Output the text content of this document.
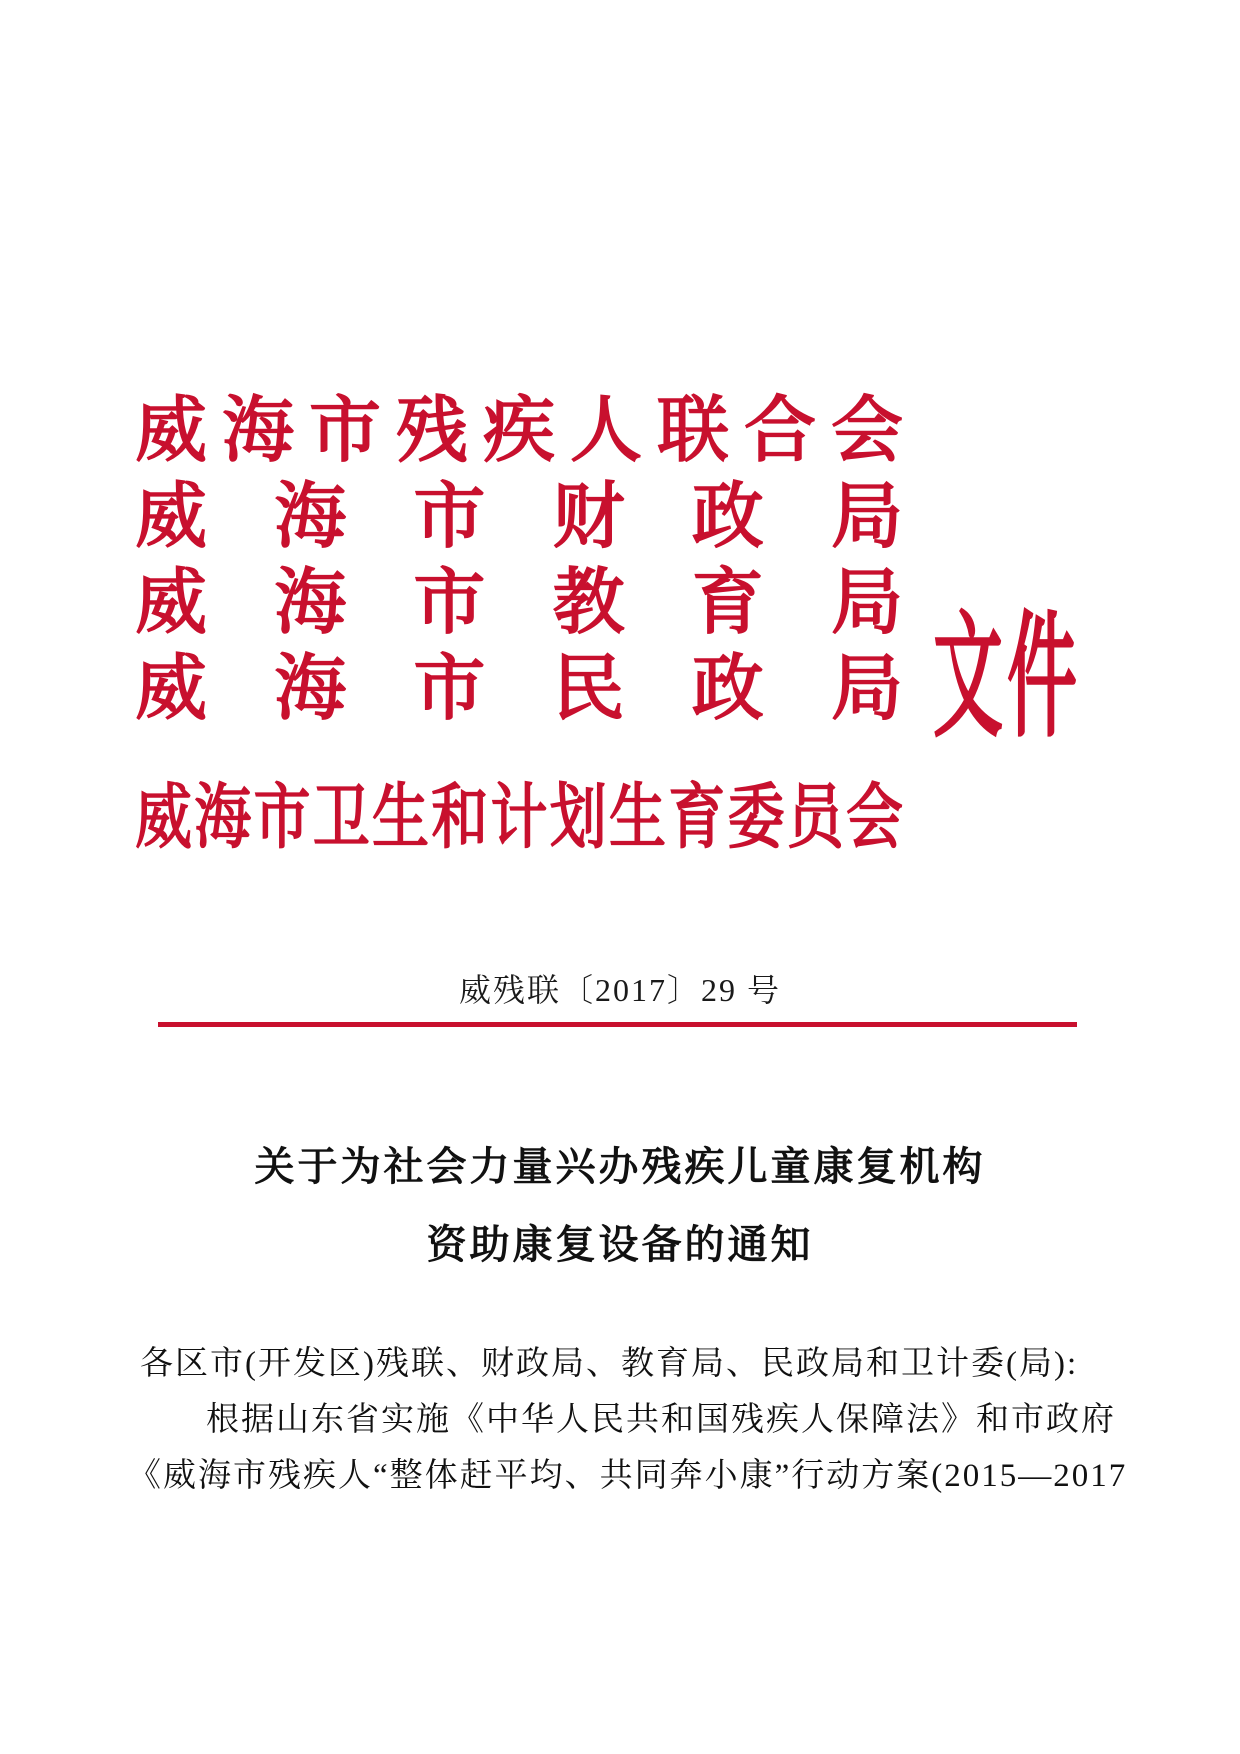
威海市残疾人联合会
威海市财政局
威海市教育局
威海市民政局
威海市卫生和计划生育委员会
文件
威残联〔2017〕29 号
关于为社会力量兴办残疾儿童康复机构
资助康复设备的通知
各区市(开发区)残联、财政局、教育局、民政局和卫计委(局):
根据山东省实施《中华人民共和国残疾人保障法》和市政府
《威海市残疾人“整体赶平均、共同奔小康”行动方案(2015—2017
